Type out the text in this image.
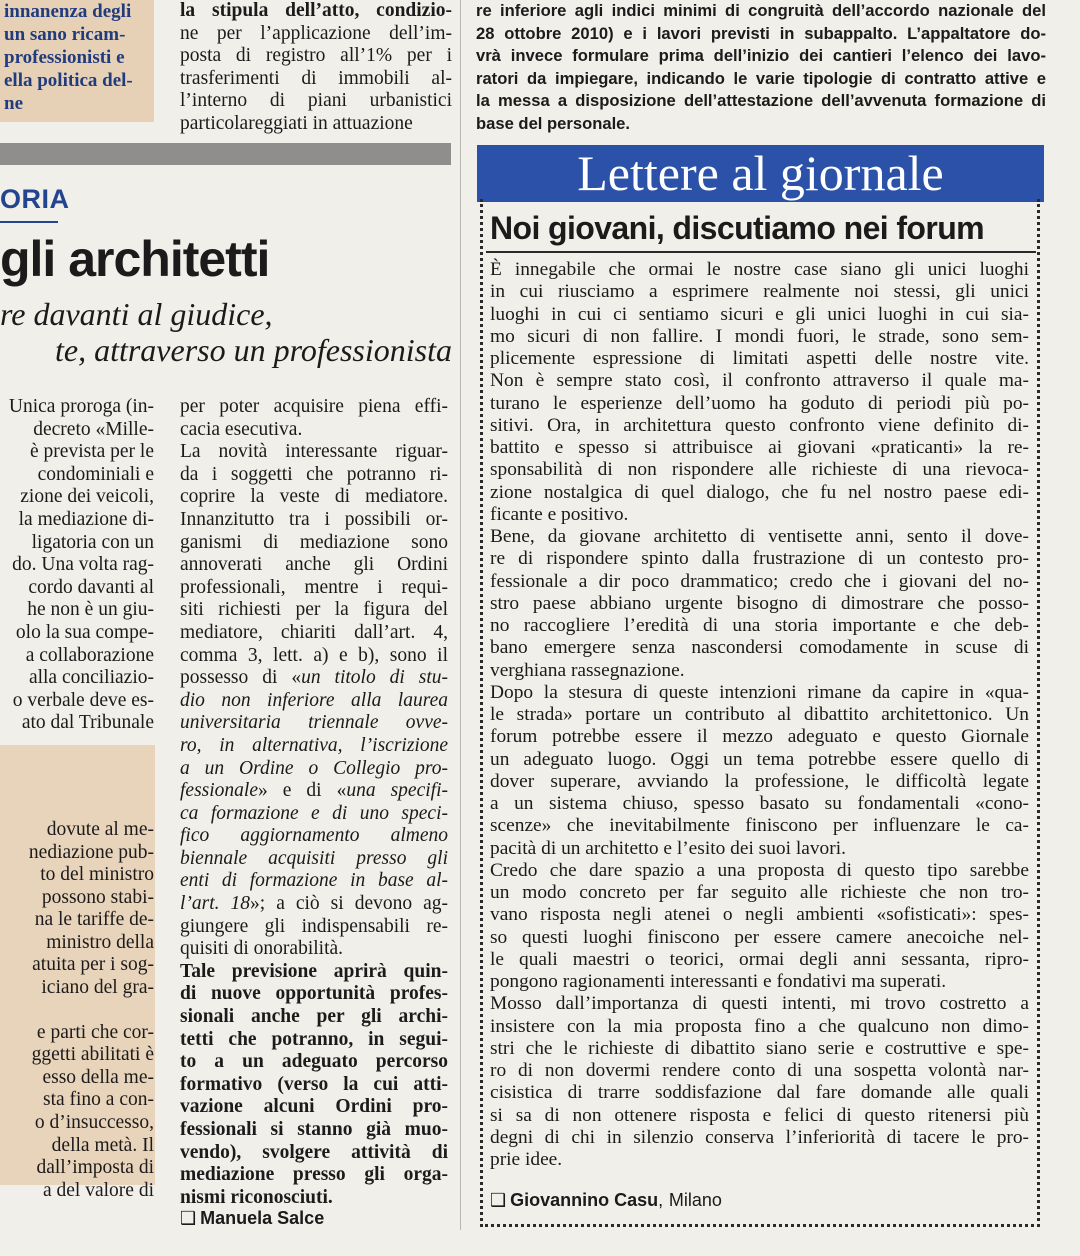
innanenza degli
un sano ricam-
professionisti e
ella politica del-
ne
la stipula dell’atto, condizio-
ne per l’applicazione dell’im-
posta di registro all’1% per i
trasferimenti di immobili al-
l’interno di piani urbanistici
particolareggiati in attuazione
re inferiore agli indici minimi di congruità dell’accordo nazionale del
28 ottobre 2010) e i lavori previsti in subappalto. L’appaltatore do-
vrà invece formulare prima dell’inizio dei cantieri l’elenco dei lavo-
ratori da impiegare, indicando le varie tipologie di contratto attive e
la messa a disposizione dell’attestazione dell’avvenuta formazione di
base del personale.
ORIA
gli architetti
re davanti al giudice,
te, attraverso un professionista
Unica proroga (in-
decreto «Mille-
è prevista per le
condominiali e
zione dei veicoli,
la mediazione di-
ligatoria con un
do. Una volta rag-
cordo davanti al
he non è un giu-
olo la sua compe-
a collaborazione
alla conciliazio-
o verbale deve es-
ato dal Tribunale
dovute al me-
nediazione pub-
to del ministro
possono stabi-
na le tariffe de-
ministro della
atuita per i sog-
iciano del gra-
e parti che cor-
ggetti abilitati è
esso della me-
sta fino a con-
o d’insuccesso,
della metà. Il
dall’imposta di
a del valore di
per poter acquisire piena effi-
cacia esecutiva.
La novità interessante riguar-
da i soggetti che potranno ri-
coprire la veste di mediatore.
Innanzitutto tra i possibili or-
ganismi di mediazione sono
annoverati anche gli Ordini
professionali, mentre i requi-
siti richiesti per la figura del
mediatore, chiariti dall’art. 4,
comma 3, lett. a) e b), sono il
possesso di «un titolo di stu-
dio non inferiore alla laurea
universitaria triennale ovve-
ro, in alternativa, l’iscrizione
a un Ordine o Collegio pro-
fessionale» e di «una specifi-
ca formazione e di uno speci-
fico aggiornamento almeno
biennale acquisiti presso gli
enti di formazione in base al-
l’art. 18»; a ciò si devono ag-
giungere gli indispensabili re-
quisiti di onorabilità.
Tale previsione aprirà quin-
di nuove opportunità profes-
sionali anche per gli archi-
tetti che potranno, in segui-
to a un adeguato percorso
formativo (verso la cui atti-
vazione alcuni Ordini pro-
fessionali si stanno già muo-
vendo), svolgere attività di
mediazione presso gli orga-
nismi riconosciuti.
❑ Manuela Salce
Lettere al giornale
Noi giovani, discutiamo nei forum
È innegabile che ormai le nostre case siano gli unici luoghi
in cui riusciamo a esprimere realmente noi stessi, gli unici
luoghi in cui ci sentiamo sicuri e gli unici luoghi in cui sia-
mo sicuri di non fallire. I mondi fuori, le strade, sono sem-
plicemente espressione di limitati aspetti delle nostre vite.
Non è sempre stato così, il confronto attraverso il quale ma-
turano le esperienze dell’uomo ha goduto di periodi più po-
sitivi. Ora, in architettura questo confronto viene definito di-
battito e spesso si attribuisce ai giovani «praticanti» la re-
sponsabilità di non rispondere alle richieste di una rievoca-
zione nostalgica di quel dialogo, che fu nel nostro paese edi-
ficante e positivo.
Bene, da giovane architetto di ventisette anni, sento il dove-
re di rispondere spinto dalla frustrazione di un contesto pro-
fessionale a dir poco drammatico; credo che i giovani del no-
stro paese abbiano urgente bisogno di dimostrare che posso-
no raccogliere l’eredità di una storia importante e che deb-
bano emergere senza nascondersi comodamente in scuse di
verghiana rassegnazione.
Dopo la stesura di queste intenzioni rimane da capire in «qua-
le strada» portare un contributo al dibattito architettonico. Un
forum potrebbe essere il mezzo adeguato e questo Giornale
un adeguato luogo. Oggi un tema potrebbe essere quello di
dover superare, avviando la professione, le difficoltà legate
a un sistema chiuso, spesso basato su fondamentali «cono-
scenze» che inevitabilmente finiscono per influenzare le ca-
pacità di un architetto e l’esito dei suoi lavori.
Credo che dare spazio a una proposta di questo tipo sarebbe
un modo concreto per far seguito alle richieste che non tro-
vano risposta negli atenei o negli ambienti «sofisticati»: spes-
so questi luoghi finiscono per essere camere anecoiche nel-
le quali maestri o teorici, ormai degli anni sessanta, ripro-
pongono ragionamenti interessanti e fondativi ma superati.
Mosso dall’importanza di questi intenti, mi trovo costretto a
insistere con la mia proposta fino a che qualcuno non dimo-
stri che le richieste di dibattito siano serie e costruttive e spe-
ro di non dovermi rendere conto di una sospetta volontà nar-
cisistica di trarre soddisfazione dal fare domande alle quali
si sa di non ottenere risposta e felici di questo ritenersi più
degni di chi in silenzio conserva l’inferiorità di tacere le pro-
prie idee.
❑ Giovannino Casu, Milano
